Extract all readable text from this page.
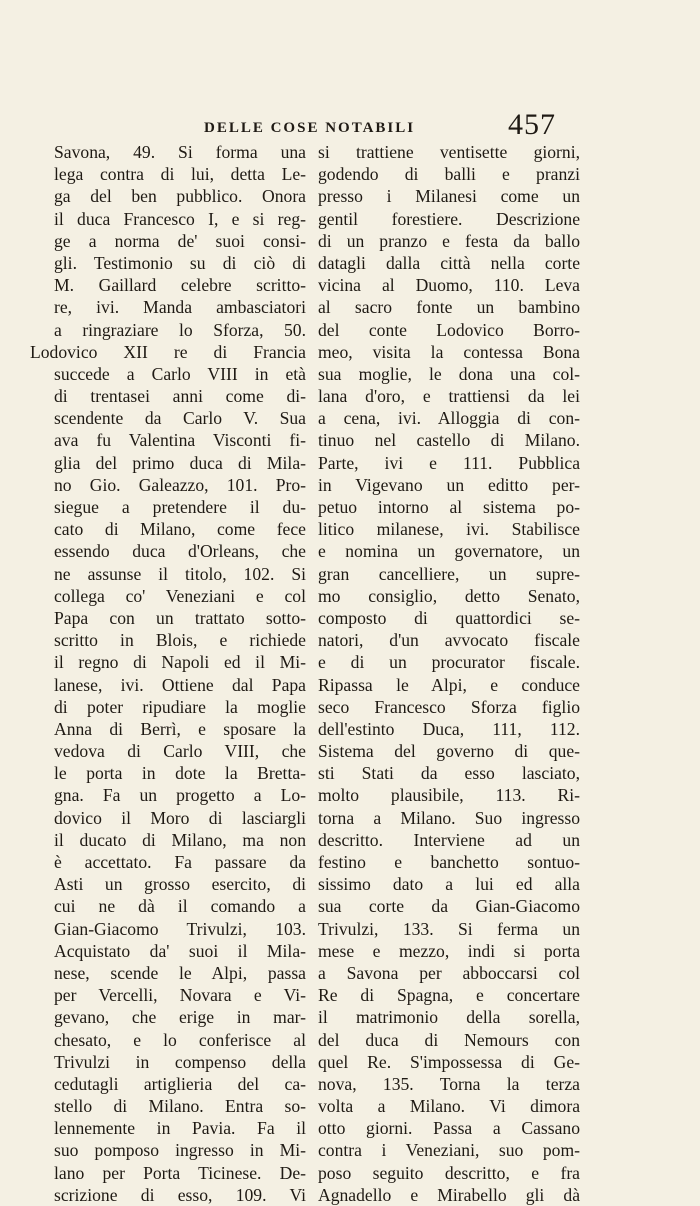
DELLE COSE NOTABILI	457
Savona, 49. Si forma una
lega contra di lui, detta Le-
ga del ben pubblico. Onora
il duca Francesco I, e si reg-
ge a norma de' suoi consi-
gli. Testimonio su di ciò di
M. Gaillard celebre scritto-
re, ivi. Manda ambasciatori
a ringraziare lo Sforza, 50.
Lodovico XII re di Francia
succede a Carlo VIII in età
di trentasei anni come di-
scendente da Carlo V. Sua
ava fu Valentina Visconti fi-
glia del primo duca di Mila-
no Gio. Galeazzo, 101. Pro-
siegue a pretendere il du-
cato di Milano, come fece
essendo duca d'Orleans, che
ne assunse il titolo, 102. Si
collega co' Veneziani e col
Papa con un trattato sotto-
scritto in Blois, e richiede
il regno di Napoli ed il Mi-
lanese, ivi. Ottiene dal Papa
di poter ripudiare la moglie
Anna di Berrì, e sposare la
vedova di Carlo VIII, che
le porta in dote la Bretta-
gna. Fa un progetto a Lo-
dovico il Moro di lasciargli
il ducato di Milano, ma non
è accettato. Fa passare da
Asti un grosso esercito, di
cui ne dà il comando a
Gian-Giacomo Trivulzi, 103.
Acquistato da' suoi il Mila-
nese, scende le Alpi, passa
per Vercelli, Novara e Vi-
gevano, che erige in mar-
chesato, e lo conferisce al
Trivulzi in compenso della
cedutagli artiglieria del ca-
stello di Milano. Entra so-
lennemente in Pavia. Fa il
suo pomposo ingresso in Mi-
lano per Porta Ticinese. De-
scrizione di esso, 109. Vi
si trattiene ventisette giorni,
godendo di balli e pranzi
presso i Milanesi come un
gentil forestiere. Descrizione
di un pranzo e festa da ballo
datagli dalla città nella corte
vicina al Duomo, 110. Leva
al sacro fonte un bambino
del conte Lodovico Borro-
meo, visita la contessa Bona
sua moglie, le dona una col-
lana d'oro, e trattiensi da lei
a cena, ivi. Alloggia di con-
tinuo nel castello di Milano.
Parte, ivi e 111. Pubblica
in Vigevano un editto per-
petuo intorno al sistema po-
litico milanese, ivi. Stabilisce
e nomina un governatore, un
gran cancelliere, un supre-
mo consiglio, detto Senato,
composto di quattordici se-
natori, d'un avvocato fiscale
e di un procurator fiscale.
Ripassa le Alpi, e conduce
seco Francesco Sforza figlio
dell'estinto Duca, 111, 112.
Sistema del governo di que-
sti Stati da esso lasciato,
molto plausibile, 113. Ri-
torna a Milano. Suo ingresso
descritto. Interviene ad un
festino e banchetto sontuo-
sissimo dato a lui ed alla
sua corte da Gian-Giacomo
Trivulzi, 133. Si ferma un
mese e mezzo, indi si porta
a Savona per abboccarsi col
Re di Spagna, e concertare
il matrimonio della sorella,
del duca di Nemours con
quel Re. S'impossessa di Ge-
nova, 135. Torna la terza
volta a Milano. Vi dimora
otto giorni. Passa a Cassano
contra i Veneziani, suo pom-
poso seguito descritto, e fra
Agnadello e Mirabello gli dà
